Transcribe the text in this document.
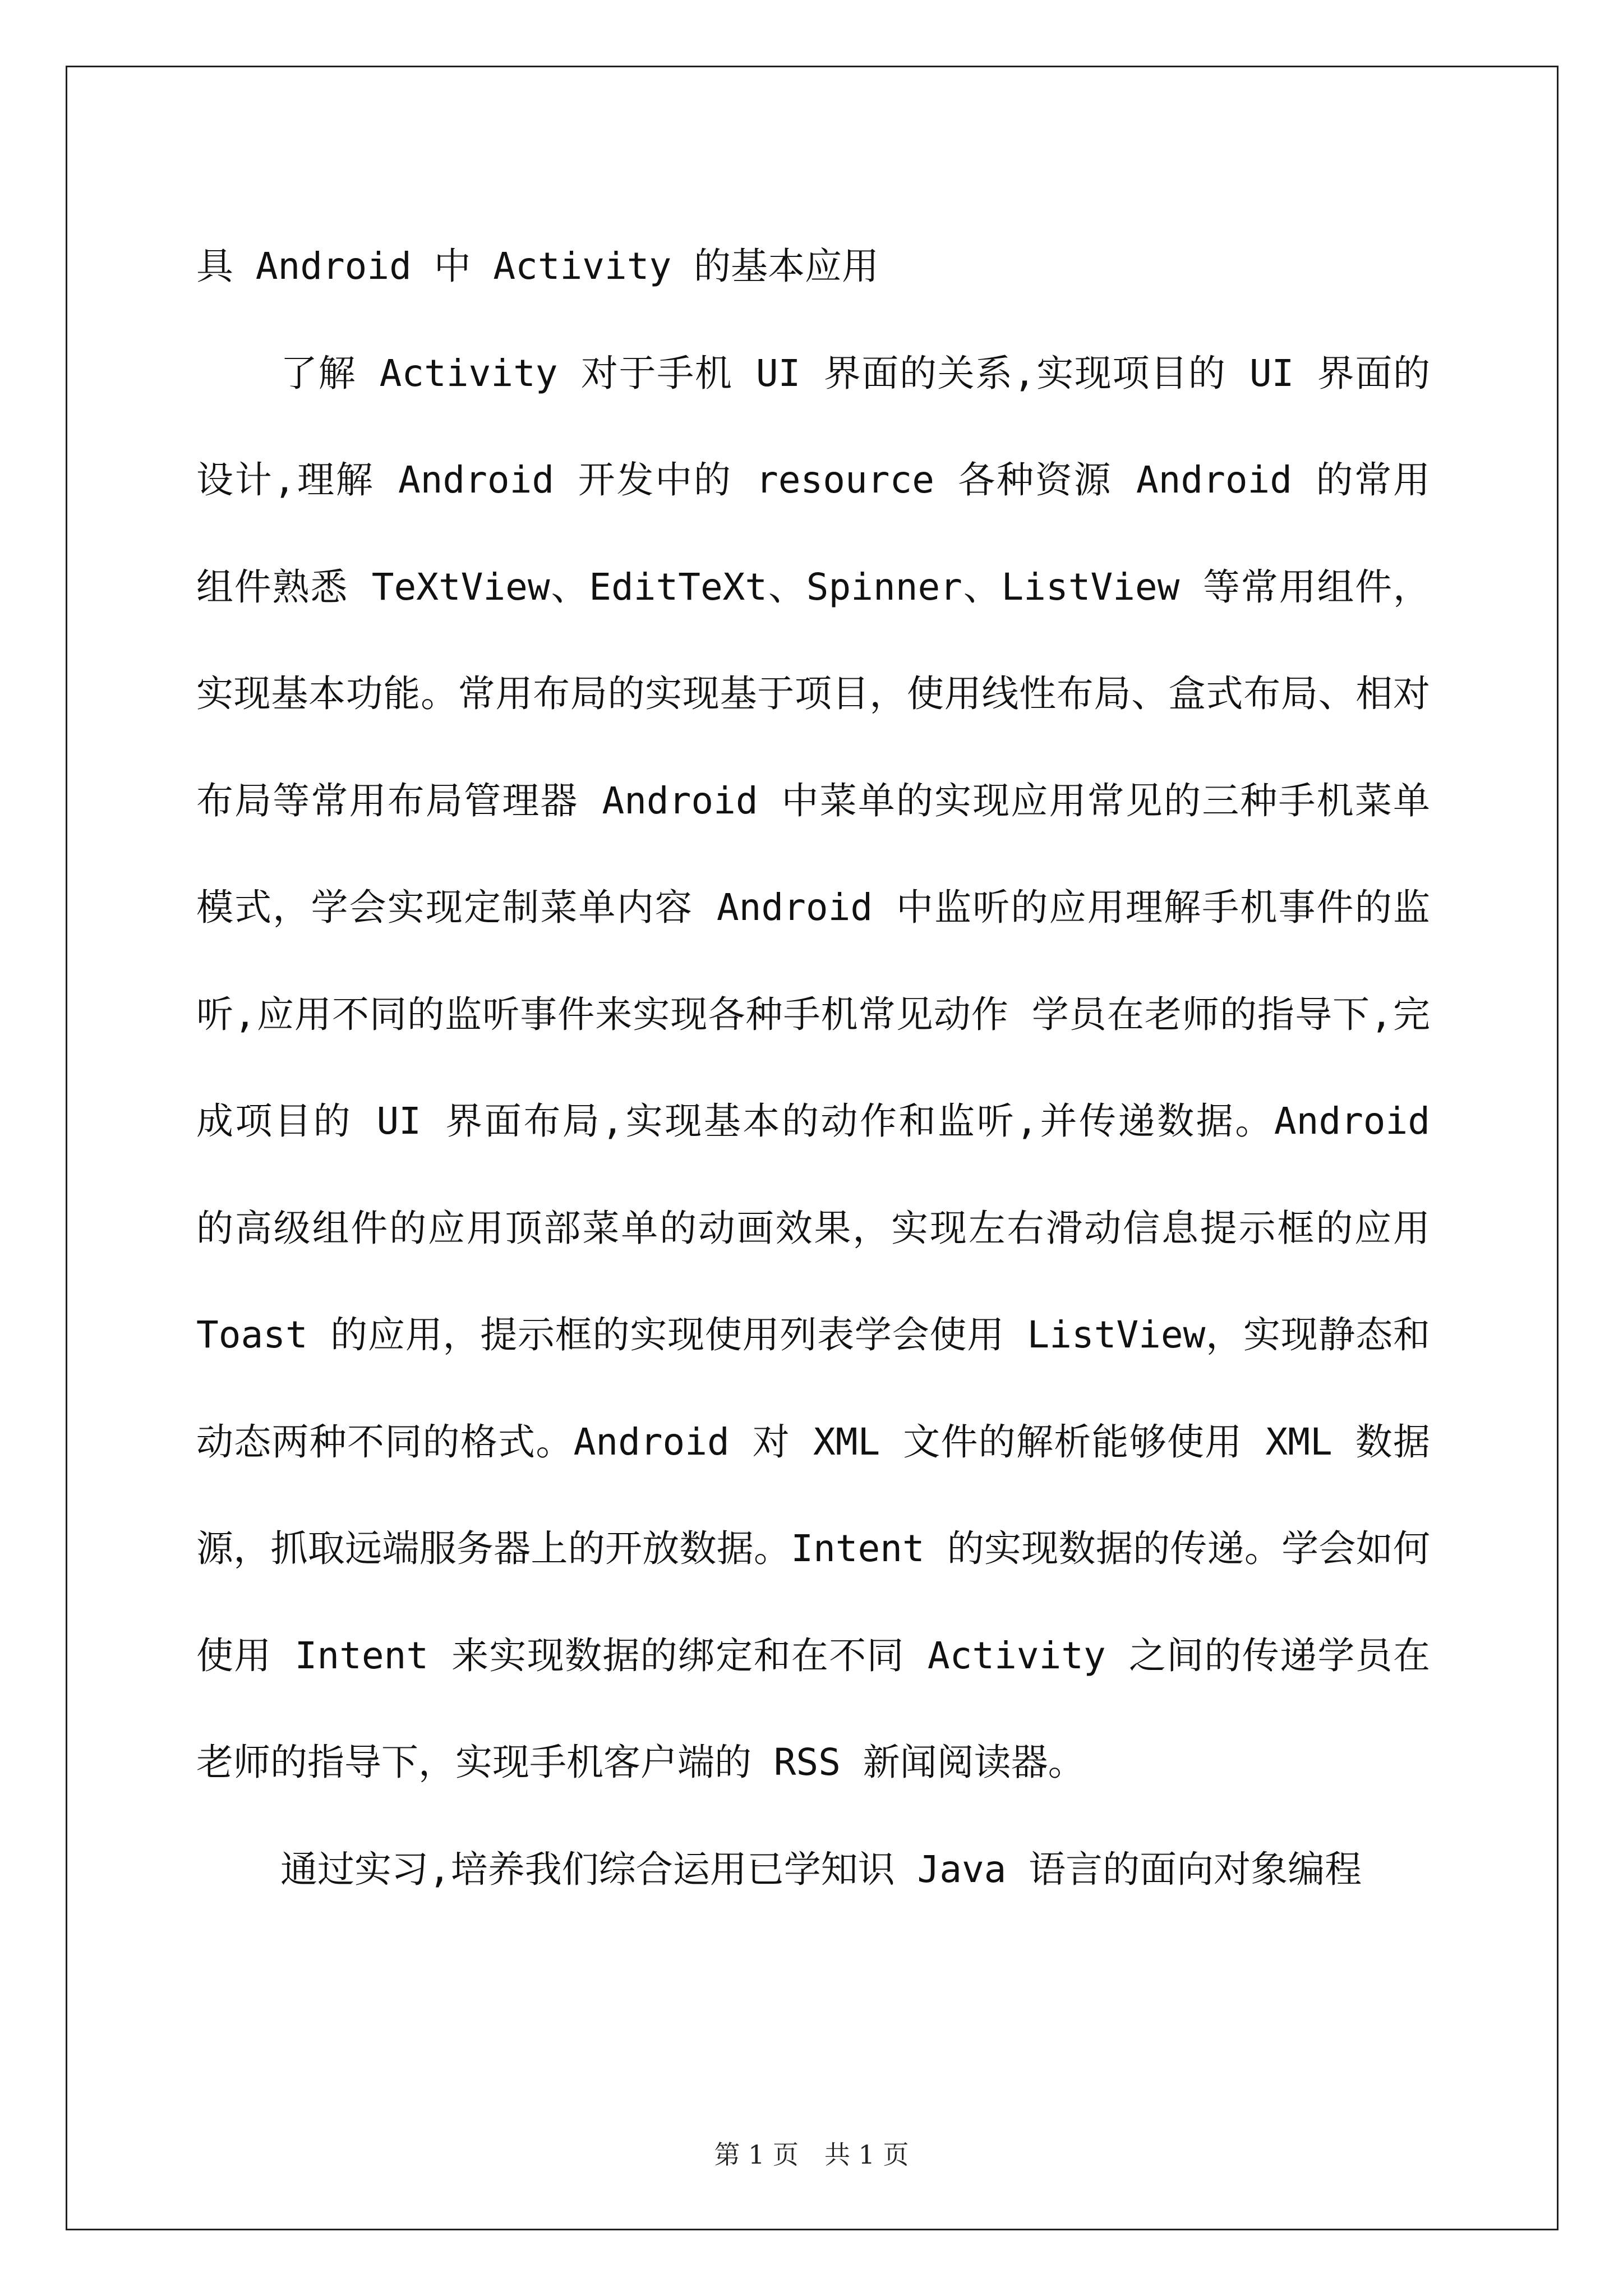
具 Android 中 Activity 的基本应用

了解 Activity 对于手机 UI 界面的关系,实现项目的 UI 界面的设计,理解 Android 开发中的 resource 各种资源 Android 的常用组件熟悉 TeXtView、EditTeXt、Spinner、ListView 等常用组件，实现基本功能。常用布局的实现基于项目，使用线性布局、盒式布局、相对布局等常用布局管理器 Android 中菜单的实现应用常见的三种手机菜单模式，学会实现定制菜单内容 Android 中监听的应用理解手机事件的监听,应用不同的监听事件来实现各种手机常见动作 学员在老师的指导下,完成项目的 UI 界面布局,实现基本的动作和监听,并传递数据。Android 的高级组件的应用顶部菜单的动画效果，实现左右滑动信息提示框的应用 Toast 的应用，提示框的实现使用列表学会使用 ListView，实现静态和动态两种不同的格式。Android 对 XML 文件的解析能够使用 XML 数据源，抓取远端服务器上的开放数据。Intent 的实现数据的传递。学会如何使用 Intent 来实现数据的绑定和在不同 Activity 之间的传递学员在老师的指导下，实现手机客户端的 RSS 新闻阅读器。

通过实习,培养我们综合运用已学知识 Java 语言的面向对象编程

第 1 页　共 1 页
